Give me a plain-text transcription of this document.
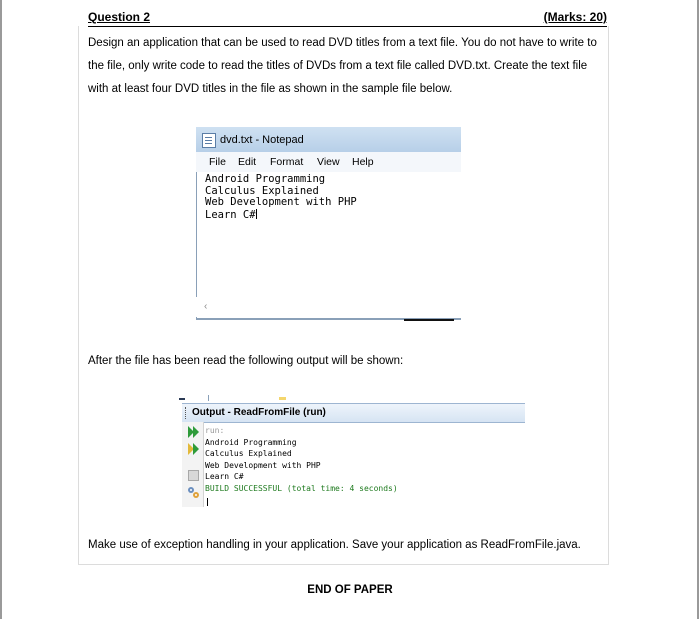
Question 2	(Marks: 20)
Design an application that can be used to read DVD titles from a text file. You do not have to write to the file, only write code to read the titles of DVDs from a text file called DVD.txt. Create the text file with at least four DVD titles in the file as shown in the sample file below.
dvd.txt - Notepad
File Edit Format View Help
Android Programming
Calculus Explained
Web Development with PHP
Learn C#
‹
After the file has been read the following output will be shown:
Output - ReadFromFile (run)
run:
Android Programming
Calculus Explained
Web Development with PHP
Learn C#
BUILD SUCCESSFUL (total time: 4 seconds)
Make use of exception handling in your application. Save your application as ReadFromFile.java.
END OF PAPER
